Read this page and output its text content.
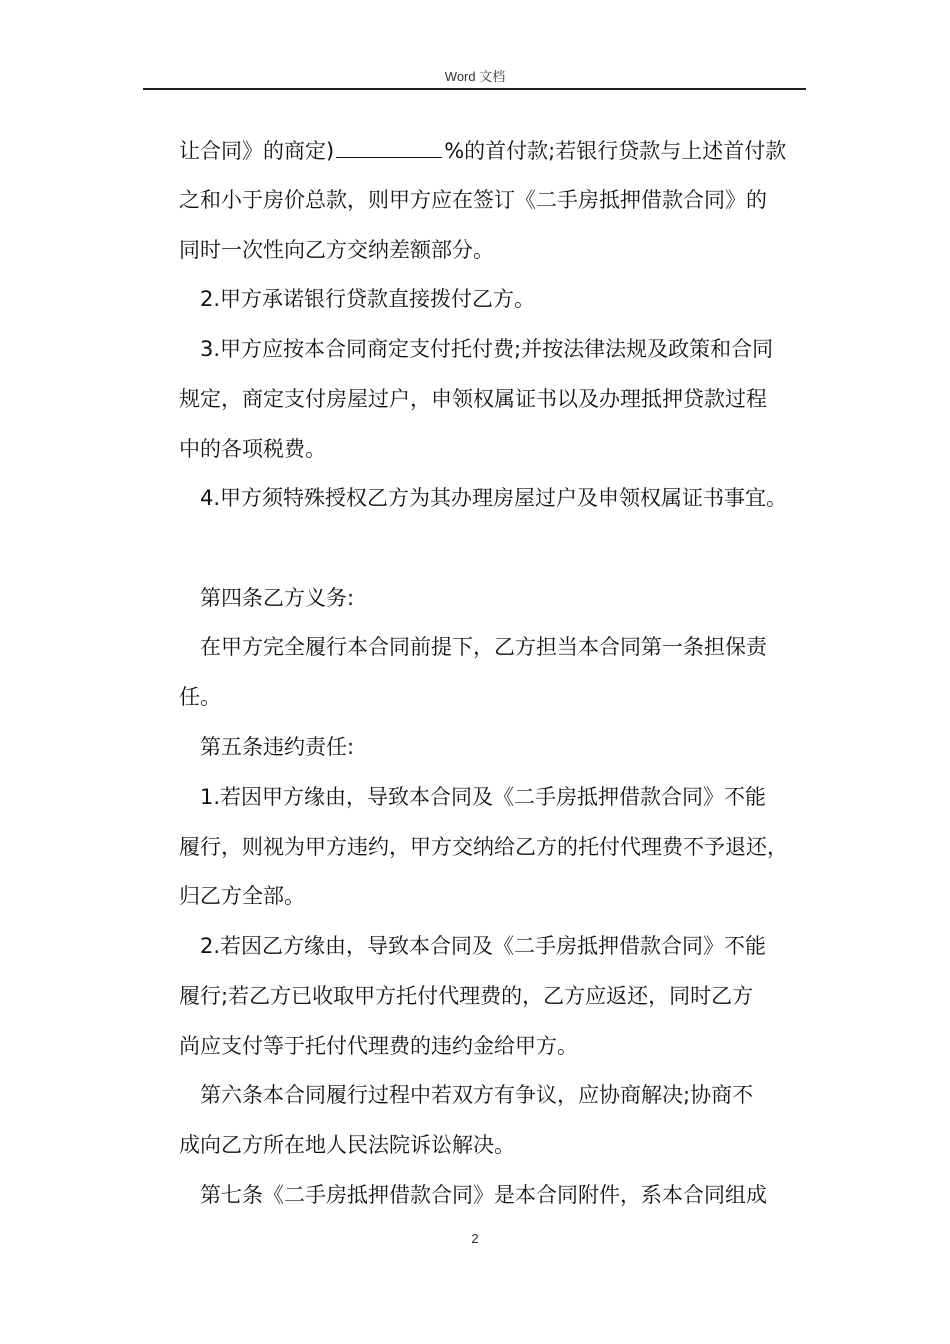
Word 文档
让合同》的商定)	%的首付款;若银行贷款与上述首付款
之和小于房价总款，则甲方应在签订《二手房抵押借款合同》的
同时一次性向乙方交纳差额部分。
2.甲方承诺银行贷款直接拨付乙方。
3.甲方应按本合同商定支付托付费;并按法律法规及政策和合同
规定，商定支付房屋过户，申领权属证书以及办理抵押贷款过程
中的各项税费。
4.甲方须特殊授权乙方为其办理房屋过户及申领权属证书事宜。
第四条乙方义务:
在甲方完全履行本合同前提下，乙方担当本合同第一条担保责
任。
第五条违约责任:
1.若因甲方缘由，导致本合同及《二手房抵押借款合同》不能
履行，则视为甲方违约，甲方交纳给乙方的托付代理费不予退还，
归乙方全部。
2.若因乙方缘由，导致本合同及《二手房抵押借款合同》不能
履行;若乙方已收取甲方托付代理费的，乙方应返还，同时乙方
尚应支付等于托付代理费的违约金给甲方。
第六条本合同履行过程中若双方有争议，应协商解决;协商不
成向乙方所在地人民法院诉讼解决。
第七条《二手房抵押借款合同》是本合同附件，系本合同组成
2
